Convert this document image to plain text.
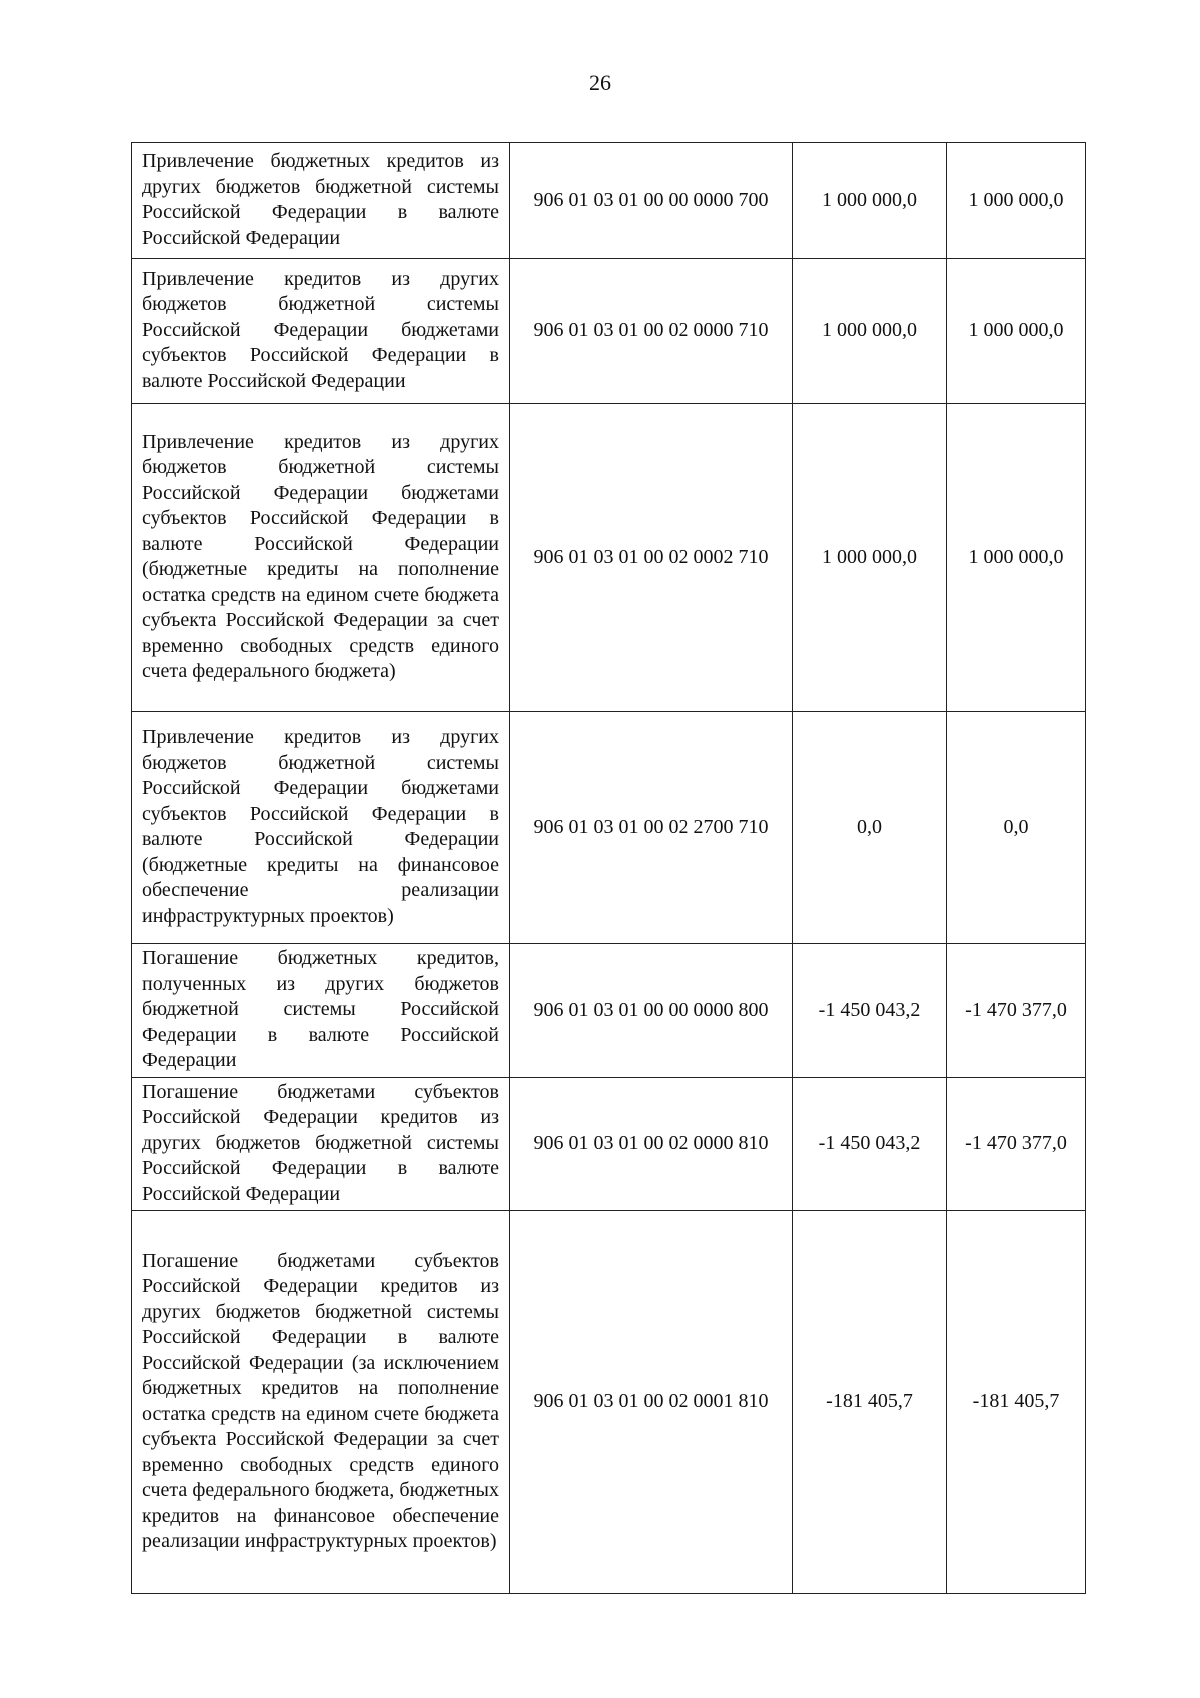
26
Привлечение бюджетных кредитов из других бюджетов бюджетной системы Российской Федерации в валюте Российской Федерации	906 01 03 01 00 00 0000 700	1 000 000,0	1 000 000,0
Привлечение кредитов из других бюджетов бюджетной системы Российской Федерации бюджетами субъектов Российской Федерации в валюте Российской Федерации	906 01 03 01 00 02 0000 710	1 000 000,0	1 000 000,0
Привлечение кредитов из других бюджетов бюджетной системы Российской Федерации бюджетами субъектов Российской Федерации в валюте Российской Федерации (бюджетные кредиты на пополнение остатка средств на едином счете бюджета субъекта Российской Федерации за счет временно свободных средств единого счета федерального бюджета)	906 01 03 01 00 02 0002 710	1 000 000,0	1 000 000,0
Привлечение кредитов из других бюджетов бюджетной системы Российской Федерации бюджетами субъектов Российской Федерации в валюте Российской Федерации (бюджетные кредиты на финансовое обеспечение реализации инфраструктурных проектов)	906 01 03 01 00 02 2700 710	0,0	0,0
Погашение бюджетных кредитов, полученных из других бюджетов бюджетной системы Российской Федерации в валюте Российской Федерации	906 01 03 01 00 00 0000 800	-1 450 043,2	-1 470 377,0
Погашение бюджетами субъектов Российской Федерации кредитов из других бюджетов бюджетной системы Российской Федерации в валюте Российской Федерации	906 01 03 01 00 02 0000 810	-1 450 043,2	-1 470 377,0
Погашение бюджетами субъектов Российской Федерации кредитов из других бюджетов бюджетной системы Российской Федерации в валюте Российской Федерации (за исключением бюджетных кредитов на пополнение остатка средств на едином счете бюджета субъекта Российской Федерации за счет временно свободных средств единого счета федерального бюджета, бюджетных кредитов на финансовое обеспечение реализации инфраструктурных проектов)	906 01 03 01 00 02 0001 810	-181 405,7	-181 405,7
